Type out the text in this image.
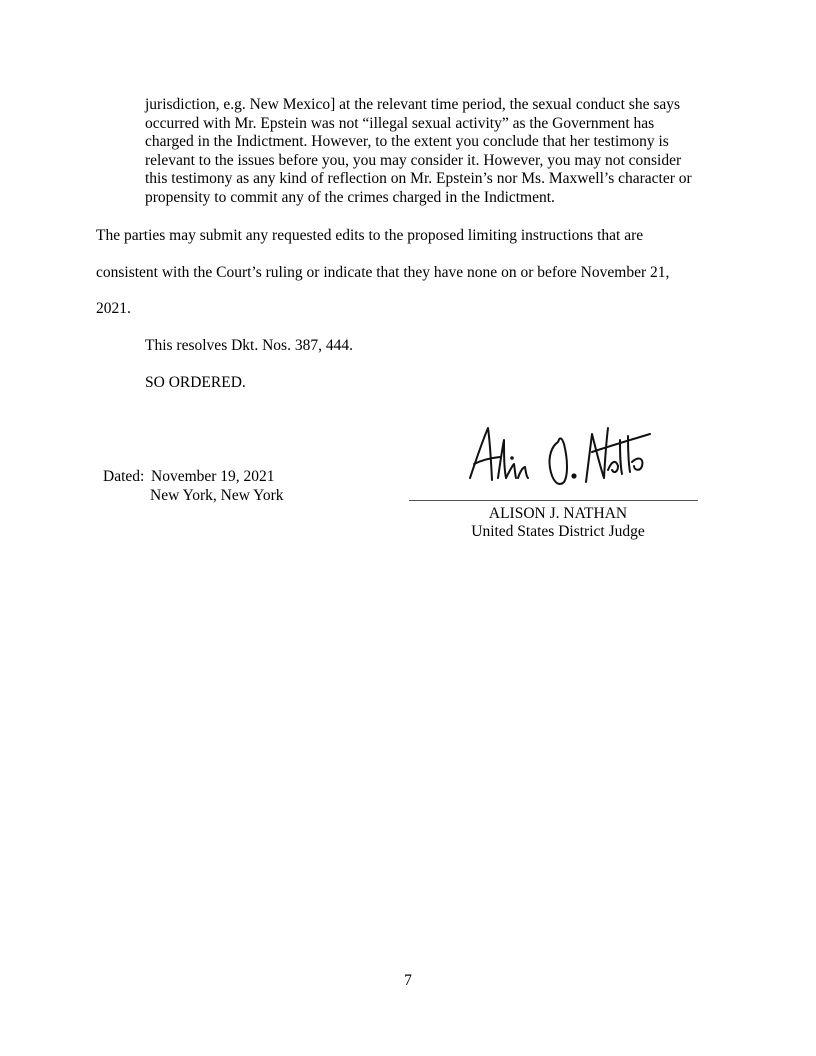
jurisdiction, e.g. New Mexico] at the relevant time period, the sexual conduct she says
occurred with Mr. Epstein was not “illegal sexual activity” as the Government has
charged in the Indictment. However, to the extent you conclude that her testimony is
relevant to the issues before you, you may consider it. However, you may not consider
this testimony as any kind of reflection on Mr. Epstein’s nor Ms. Maxwell’s character or
propensity to commit any of the crimes charged in the Indictment.
The parties may submit any requested edits to the proposed limiting instructions that are
consistent with the Court’s ruling or indicate that they have none on or before November 21,
2021.
This resolves Dkt. Nos. 387, 444.
SO ORDERED.
Dated: November 19, 2021
New York, New York
ALISON J. NATHAN
United States District Judge
7
